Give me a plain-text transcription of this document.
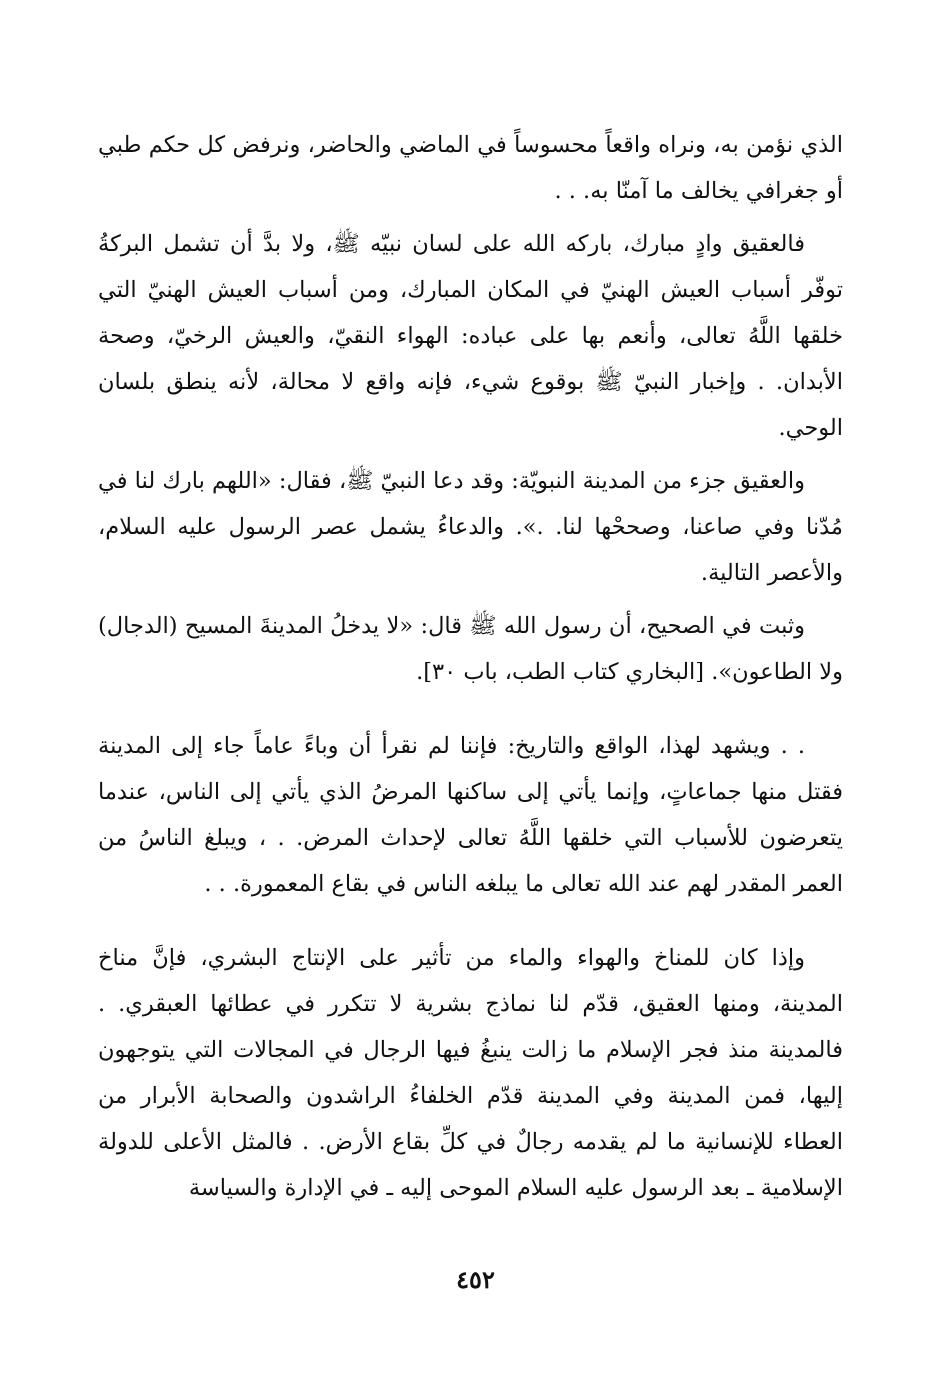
الذي نؤمن به، ونراه واقعاً محسوساً في الماضي والحاضر، ونرفض كل حكم طبي أو جغرافي يخالف ما آمنّا به. . .

فالعقيق وادٍ مبارك، باركه الله على لسان نبيّه ﷺ، ولا بدَّ أن تشمل البركةُ توفّر أسباب العيش الهنيّ في المكان المبارك، ومن أسباب العيش الهنيّ التي خلقها اللَّهُ تعالى، وأنعم بها على عباده: الهواء النقيّ، والعيش الرخيّ، وصحة الأبدان. . وإخبار النبيّ ﷺ بوقوع شيء، فإنه واقع لا محالة، لأنه ينطق بلسان الوحي.

والعقيق جزء من المدينة النبويّة: وقد دعا النبيّ ﷺ، فقال: «اللهم بارك لنا في مُدّنا وفي صاعنا، وصححْها لنا. .». والدعاءُ يشمل عصر الرسول عليه السلام، والأعصر التالية.

وثبت في الصحيح، أن رسول الله ﷺ قال: «لا يدخلُ المدينةَ المسيح (الدجال) ولا الطاعون». [البخاري كتاب الطب، باب ٣٠].

. . ويشهد لهذا، الواقع والتاريخ: فإننا لم نقرأ أن وباءً عاماً جاء إلى المدينة فقتل منها جماعاتٍ، وإنما يأتي إلى ساكنها المرضُ الذي يأتي إلى الناس، عندما يتعرضون للأسباب التي خلقها اللَّهُ تعالى لإحداث المرض. . ، ويبلغ الناسُ من العمر المقدر لهم عند الله تعالى ما يبلغه الناس في بقاع المعمورة. . .

وإذا كان للمناخ والهواء والماء من تأثير على الإنتاج البشري، فإنَّ مناخ المدينة، ومنها العقيق، قدّم لنا نماذج بشرية لا تتكرر في عطائها العبقري. . فالمدينة منذ فجر الإسلام ما زالت ينبغُ فيها الرجال في المجالات التي يتوجهون إليها، فمن المدينة وفي المدينة قدّم الخلفاءُ الراشدون والصحابة الأبرار من العطاء للإنسانية ما لم يقدمه رجالٌ في كلِّ بقاع الأرض. . فالمثل الأعلى للدولة الإسلامية ـ بعد الرسول عليه السلام الموحى إليه ـ في الإدارة والسياسة

٤٥٢
